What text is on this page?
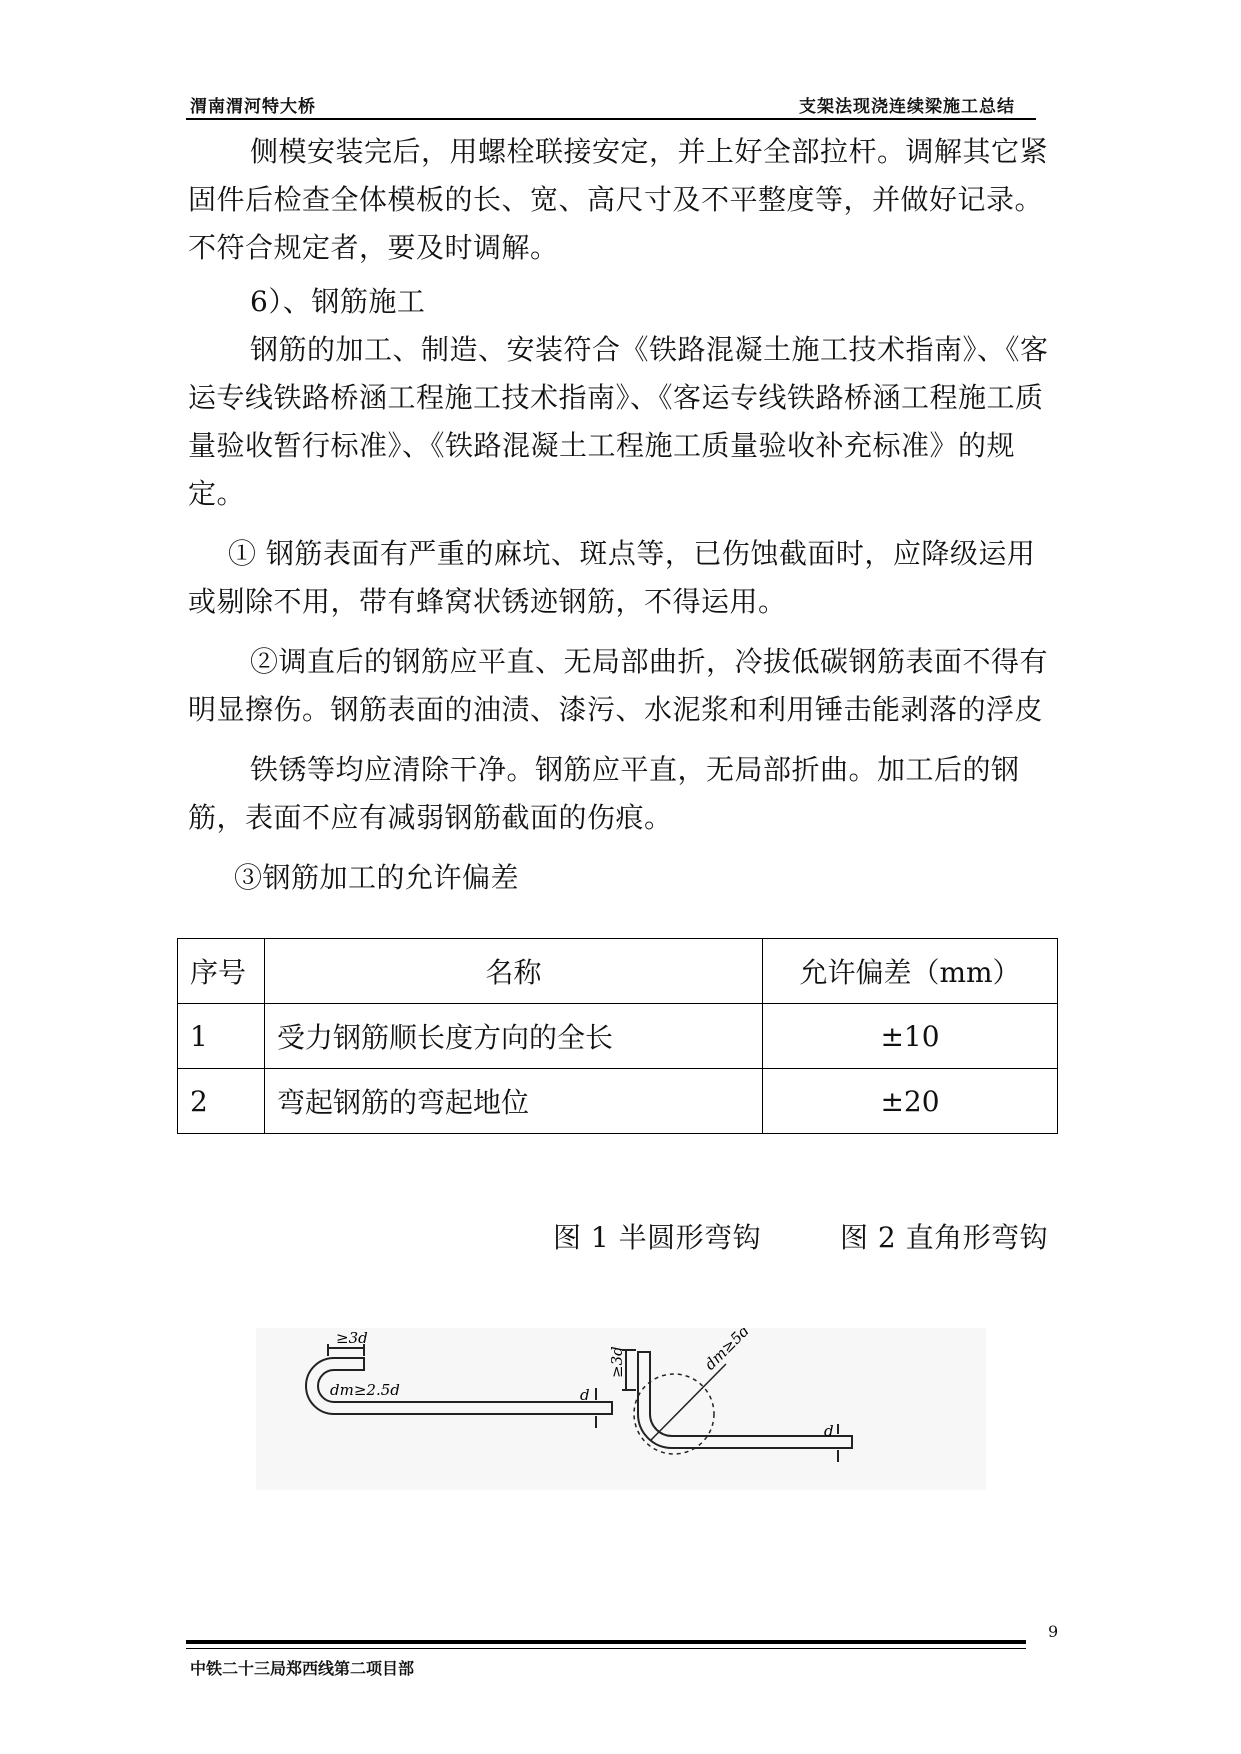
渭南渭河特大桥	支架法现浇连续梁施工总结

侧模安装完后，用螺栓联接安定，并上好全部拉杆。调解其它紧固件后检查全体模板的长、宽、高尺寸及不平整度等，并做好记录。不符合规定者，要及时调解。

6）、钢筋施工

钢筋的加工、制造、安装符合《铁路混凝土施工技术指南》、《客运专线铁路桥涵工程施工技术指南》、《客运专线铁路桥涵工程施工质量验收暂行标准》、《铁路混凝土工程施工质量验收补充标准》的规定。

① 钢筋表面有严重的麻坑、斑点等，已伤蚀截面时，应降级运用或剔除不用，带有蜂窝状锈迹钢筋，不得运用。

②调直后的钢筋应平直、无局部曲折，冷拔低碳钢筋表面不得有明显擦伤。钢筋表面的油渍、漆污、水泥浆和利用锤击能剥落的浮皮

铁锈等均应清除干净。钢筋应平直，无局部折曲。加工后的钢筋，表面不应有减弱钢筋截面的伤痕。

③钢筋加工的允许偏差

序号	名称	允许偏差（mm）
1	受力钢筋顺长度方向的全长	±10
2	弯起钢筋的弯起地位	±20
图 1 半圆形弯钩	图 2 直角形弯钩
≥3d
dm≥2.5d	d
≥3d	dm≥5d
d
中铁二十三局郑西线第二项目部
9
